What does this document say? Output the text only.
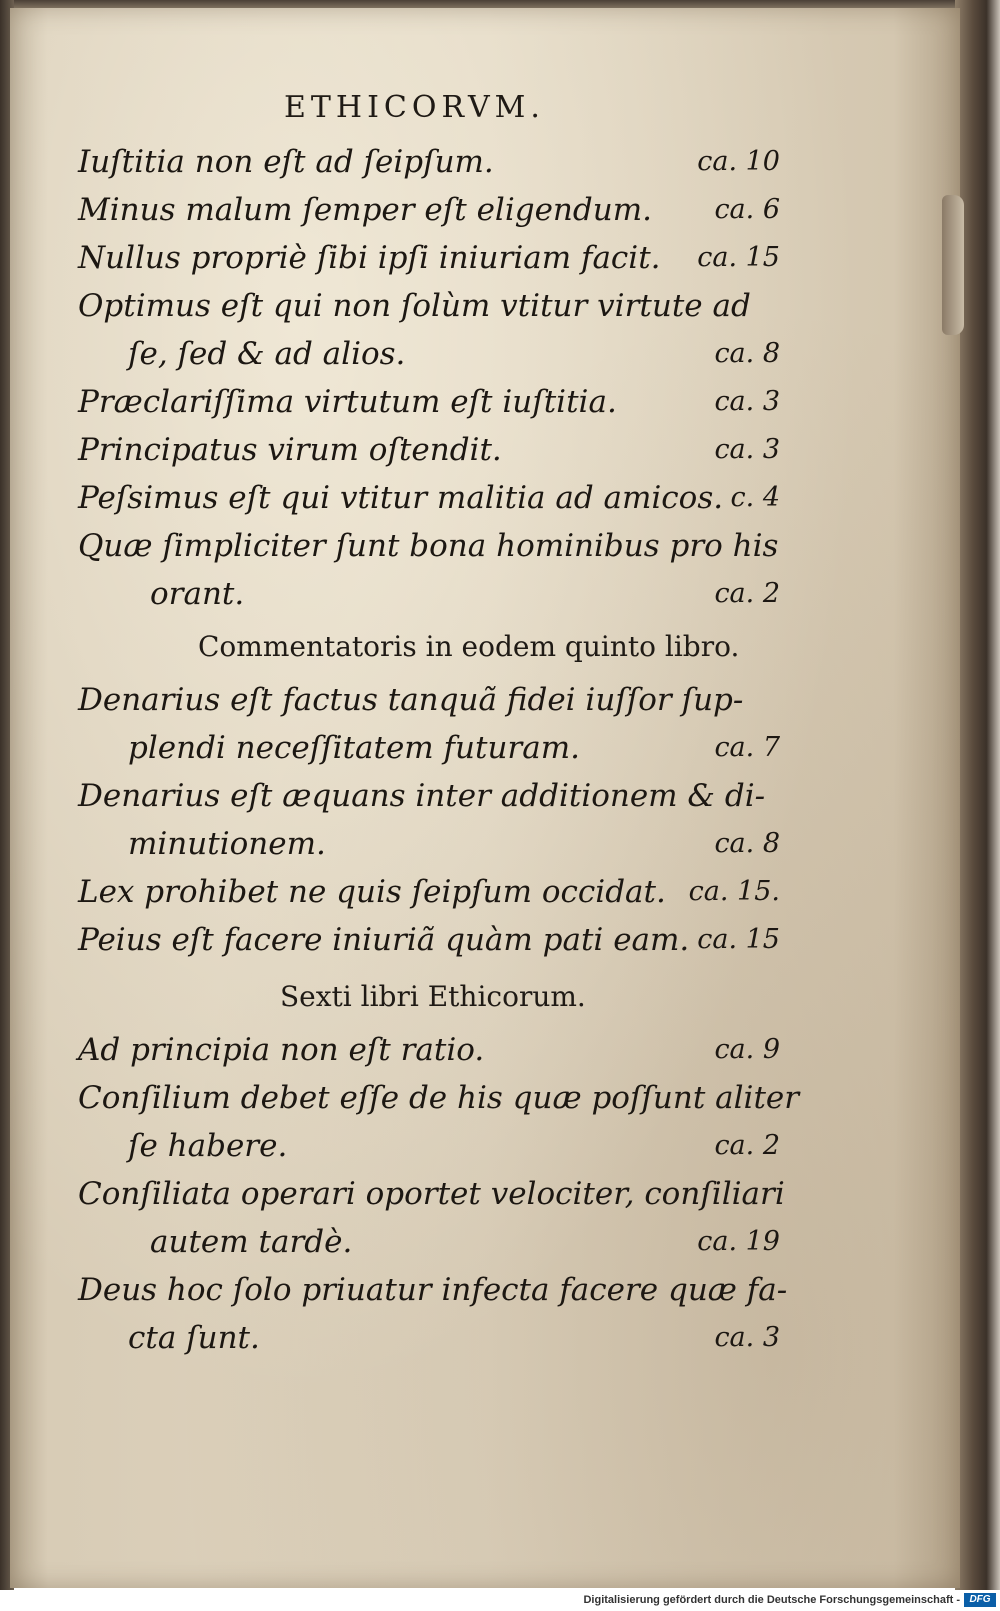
ETHICORVM.
Iuſtitia non eſt ad ſeipſum.	ca. 10
Minus malum ſemper eſt eligendum. ca. 6
Nullus propriè ſibi ipſi iniuriam facit. ca. 15
Optimus eſt qui non ſolùm vtitur virtute ad
ſe, ſed & ad alios.	ca. 8
Præclariſſima virtutum eſt iuſtitia.	ca. 3
Principatus virum oſtendit.	ca. 3
Peſsimus eſt qui vtitur malitia ad amicos. c. 4
Quæ ſimpliciter ſunt bona hominibus pro his
orant.	ca. 2
Commentatoris in eodem quinto libro.
Denarius eſt factus tanquã fidei iuſſor ſup-
plendi neceſſitatem futuram.	ca. 7
Denarius eſt æquans inter additionem & di-
minutionem.	ca. 8
Lex prohibet ne quis ſeipſum occidat. ca. 15.
Peius eſt facere iniuriã quàm pati eam. ca. 15
Sexti libri Ethicorum.
Ad principia non eſt ratio.	ca. 9
Conſilium debet eſſe de his quæ poſſunt aliter
ſe habere.	ca. 2
Conſiliata operari oportet velociter, conſiliari
autem tardè.	ca. 19
Deus hoc ſolo priuatur infecta facere quæ fa-
cta ſunt.	ca. 3
Digitalisierung gefördert durch die Deutsche Forschungsgemeinschaft - DFG
